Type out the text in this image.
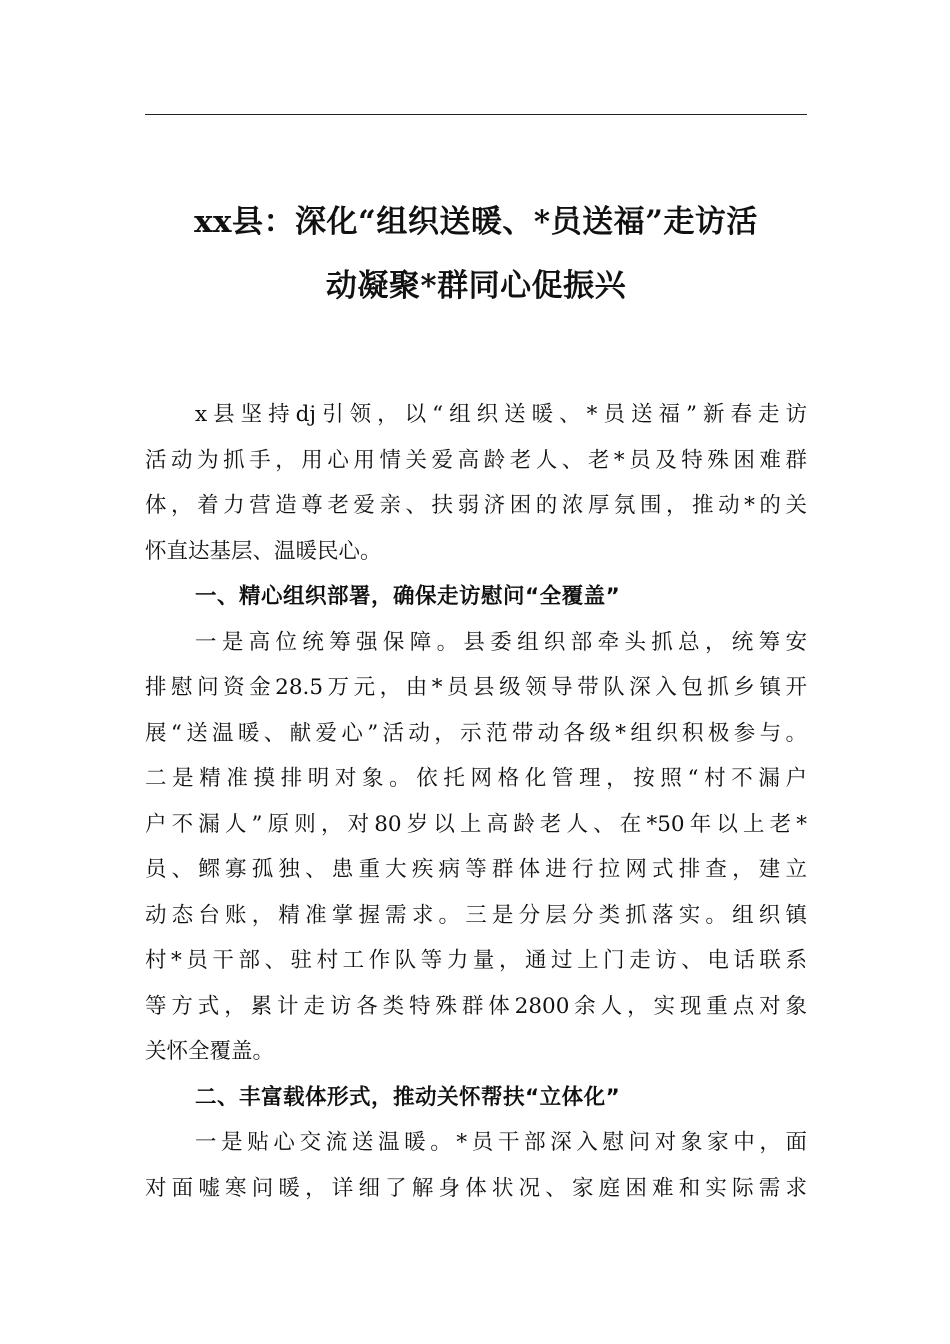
xx县：深化“组织送暖、*员送福”走访活
动凝聚*群同心促振兴
x县坚持dj引领，以“组织送暖、*员送福”新春走访
活动为抓手，用心用情关爱高龄老人、老*员及特殊困难群
体，着力营造尊老爱亲、扶弱济困的浓厚氛围，推动*的关
怀直达基层、温暖民心。
一、精心组织部署，确保走访慰问“全覆盖”
一是高位统筹强保障。县委组织部牵头抓总，统筹安
排慰问资金28.5万元，由*员县级领导带队深入包抓乡镇开
展“送温暖、献爱心”活动，示范带动各级*组织积极参与。
二是精准摸排明对象。依托网格化管理，按照“村不漏户
户不漏人”原则，对80岁以上高龄老人、在*50年以上老*
员、鳏寡孤独、患重大疾病等群体进行拉网式排查，建立
动态台账，精准掌握需求。三是分层分类抓落实。组织镇
村*员干部、驻村工作队等力量，通过上门走访、电话联系
等方式，累计走访各类特殊群体2800余人，实现重点对象
关怀全覆盖。
二、丰富载体形式，推动关怀帮扶“立体化”
一是贴心交流送温暖。*员干部深入慰问对象家中，面
对面嘘寒问暖，详细了解身体状况、家庭困难和实际需求
